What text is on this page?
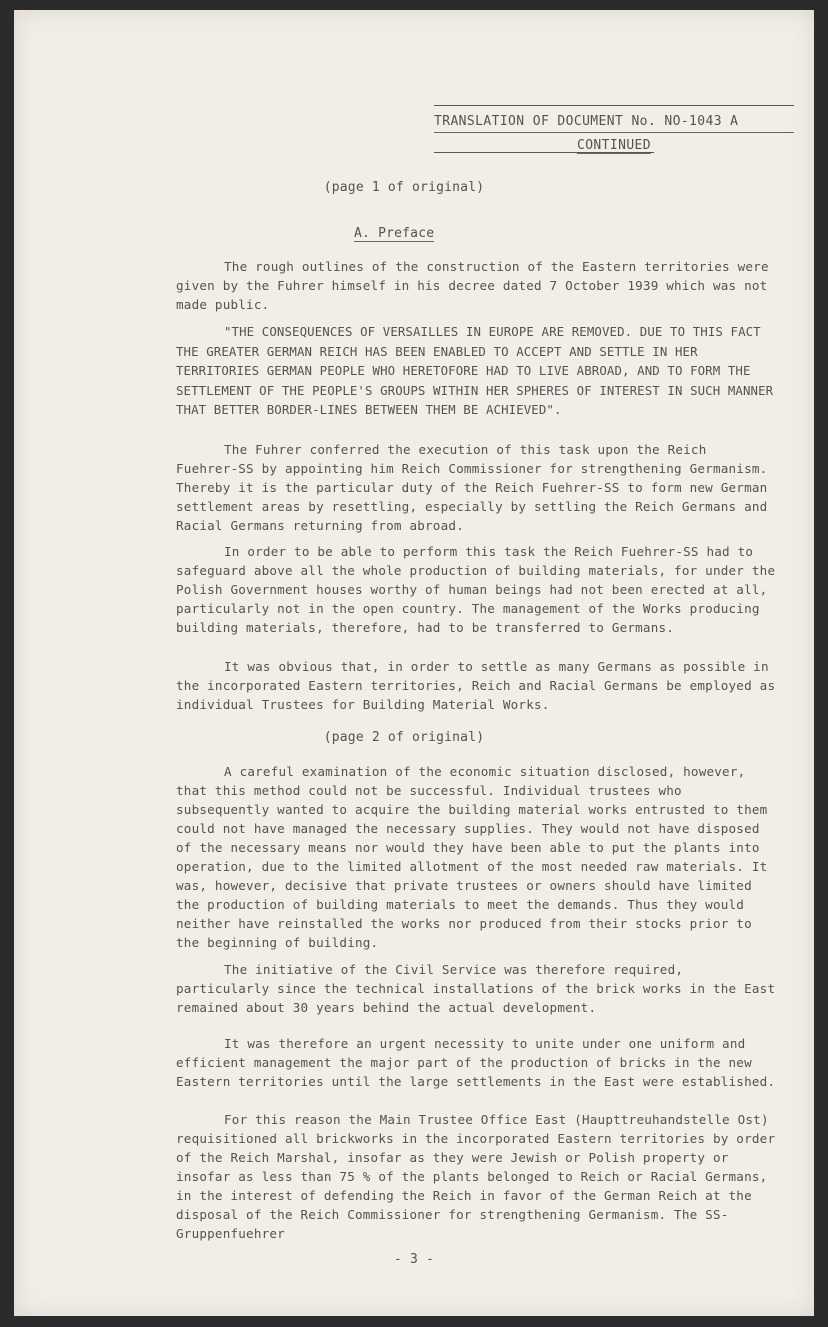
TRANSLATION OF DOCUMENT No. NO-1043 A
CONTINUED
(page 1 of original)
A. Preface

The rough outlines of the construction of the Eastern territories were given by the Fuhrer himself in his decree dated 7 October 1939 which was not made public.

"THE CONSEQUENCES OF VERSAILLES IN EUROPE ARE REMOVED. DUE TO THIS FACT THE GREATER GERMAN REICH HAS BEEN ENABLED TO ACCEPT AND SETTLE IN HER TERRITORIES GERMAN PEOPLE WHO HERETOFORE HAD TO LIVE ABROAD, AND TO FORM THE SETTLEMENT OF THE PEOPLE'S GROUPS WITHIN HER SPHERES OF INTEREST IN SUCH MANNER THAT BETTER BORDER-LINES BETWEEN THEM BE ACHIEVED".

The Fuhrer conferred the execution of this task upon the Reich Fuehrer-SS by appointing him Reich Commissioner for strengthening Germanism. Thereby it is the particular duty of the Reich Fuehrer-SS to form new German settlement areas by resettling, especially by settling the Reich Germans and Racial Germans returning from abroad.

In order to be able to perform this task the Reich Fuehrer-SS had to safeguard above all the whole production of building materials, for under the Polish Government houses worthy of human beings had not been erected at all, particularly not in the open country. The management of the Works producing building materials, therefore, had to be transferred to Germans.

It was obvious that, in order to settle as many Germans as possible in the incorporated Eastern territories, Reich and Racial Germans be employed as individual Trustees for Building Material Works.

(page 2 of original)

A careful examination of the economic situation disclosed, however, that this method could not be successful. Individual trustees who subsequently wanted to acquire the building material works entrusted to them could not have managed the necessary supplies. They would not have disposed of the necessary means nor would they have been able to put the plants into operation, due to the limited allotment of the most needed raw materials. It was, however, decisive that private trustees or owners should have limited the production of building materials to meet the demands. Thus they would neither have reinstalled the works nor produced from their stocks prior to the beginning of building.

The initiative of the Civil Service was therefore required, particularly since the technical installations of the brick works in the East remained about 30 years behind the actual development.

It was therefore an urgent necessity to unite under one uniform and efficient management the major part of the production of bricks in the new Eastern territories until the large settlements in the East were established.

For this reason the Main Trustee Office East (Haupttreuhandstelle Ost) requisitioned all brickworks in the incorporated Eastern territories by order of the Reich Marshal, insofar as they were Jewish or Polish property or insofar as less than 75 % of the plants belonged to Reich or Racial Germans, in the interest of defending the Reich in favor of the German Reich at the disposal of the Reich Commissioner for strengthening Germanism. The SS-Gruppenfuehrer

- 3 -
